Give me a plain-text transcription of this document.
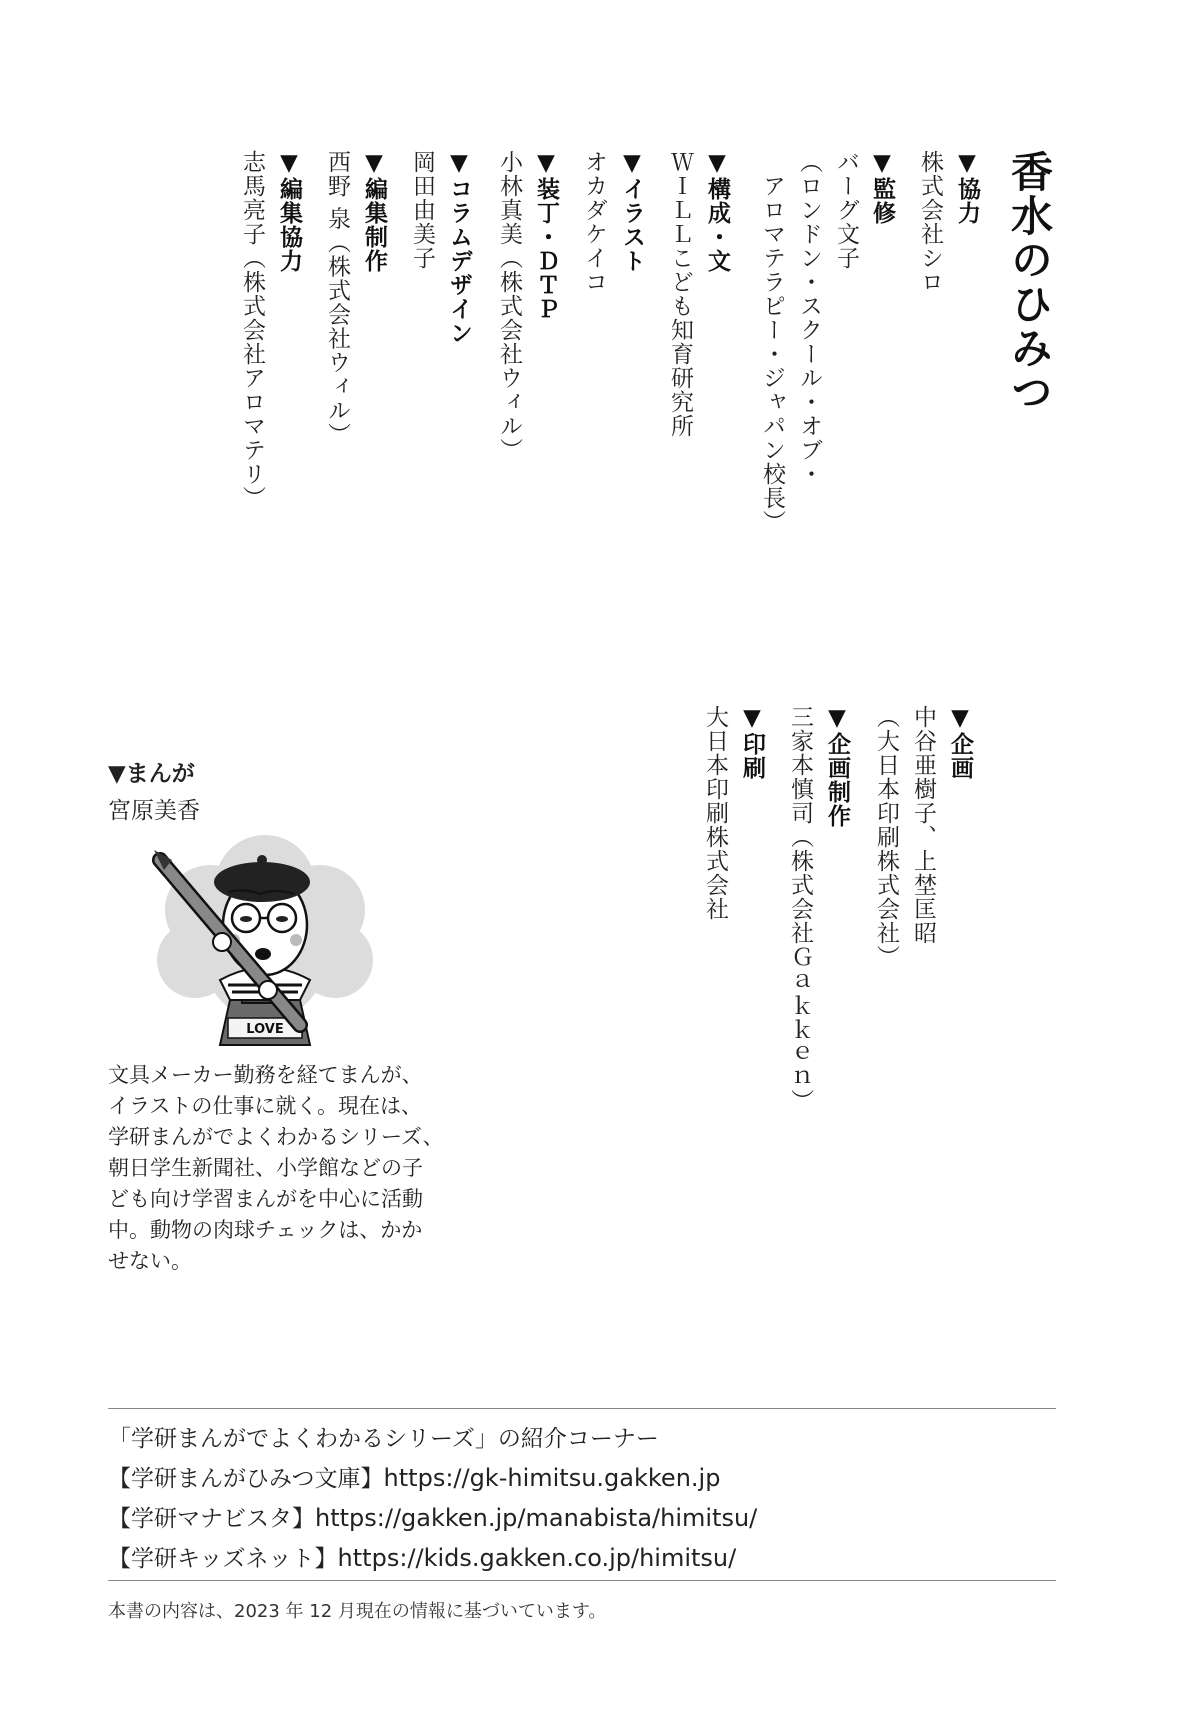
香水のひみつ
▼協力
株式会社シロ
▼監修
バーグ文子
（ロンドン・スクール・オブ・
　アロマテラピー・ジャパン校長）
▼構成・文
ＷＩＬＬこども知育研究所
オカダケイコ ▼イラスト
▼装丁・ＤＴＰ
小林真美（株式会社ウィル）
▼コラムデザイン
岡田由美子
▼編集制作
西野 泉（株式会社ウィル）
▼編集協力
志馬亮子（株式会社アロマテリ）
▼企画
中谷亜樹子、上埜匡昭
（大日本印刷株式会社）
▼企画制作
三家本慎司（株式会社Ｇａｋｋｅｎ）
▼印刷
大日本印刷株式会社
▼まんが
宮原美香
LOVE

文具メーカー勤務を経てまんが、

イラストの仕事に就く。現在は、

学研まんがでよくわかるシリーズ、

朝日学生新聞社、小学館などの子

ども向け学習まんがを中心に活動

中。動物の肉球チェックは、かか

せない。

「学研まんがでよくわかるシリーズ」の紹介コーナー

【学研まんがひみつ文庫】https://gk-himitsu.gakken.jp

【学研マナビスタ】https://gakken.jp/manabista/himitsu/

【学研キッズネット】https://kids.gakken.co.jp/himitsu/

本書の内容は、2023 年 12 月現在の情報に基づいています。
